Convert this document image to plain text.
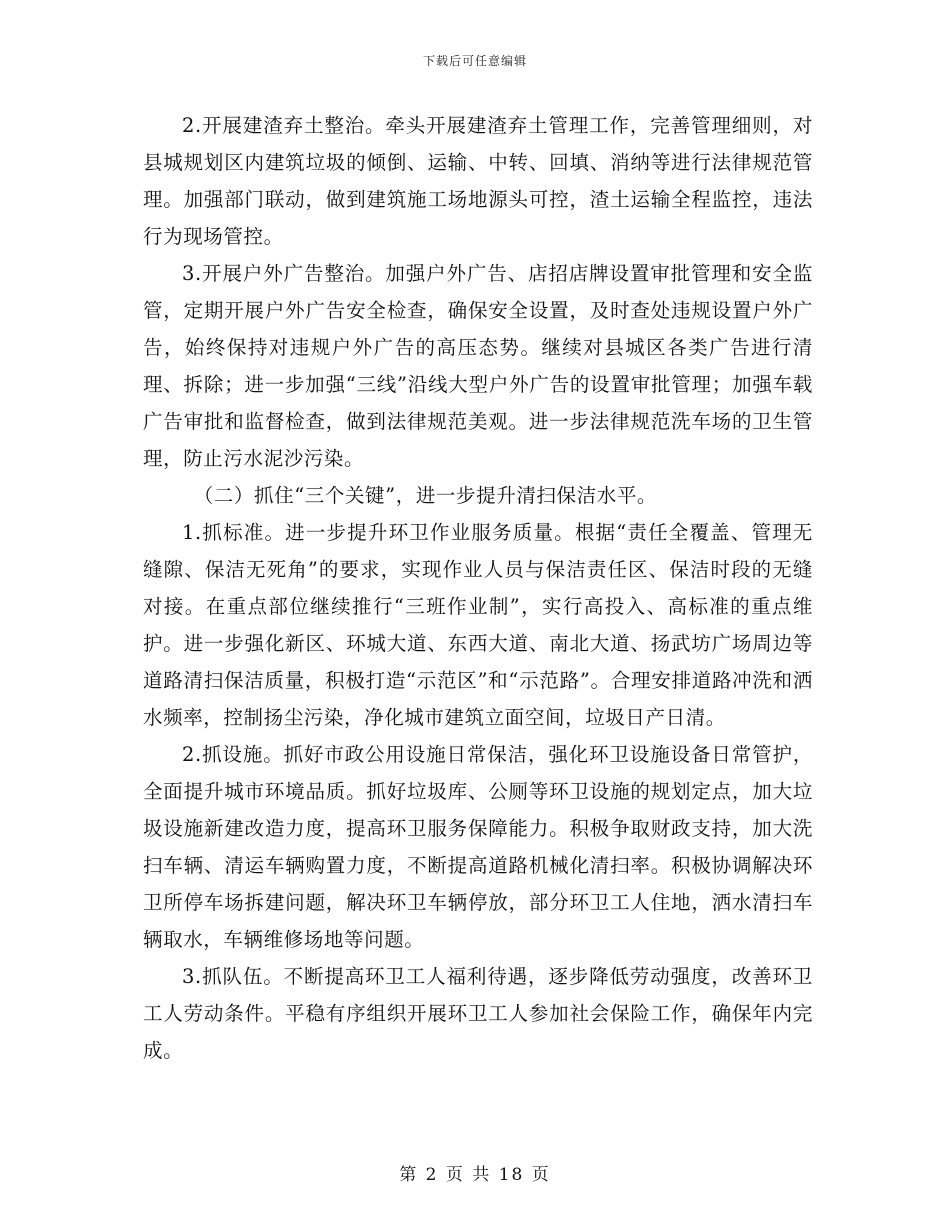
下载后可任意编辑

2.开展建渣弃土整治。牵头开展建渣弃土管理工作，完善管理细则，对县城规划区内建筑垃圾的倾倒、运输、中转、回填、消纳等进行法律规范管理。加强部门联动，做到建筑施工场地源头可控，渣土运输全程监控，违法行为现场管控。

3.开展户外广告整治。加强户外广告、店招店牌设置审批管理和安全监管，定期开展户外广告安全检查，确保安全设置，及时查处违规设置户外广告，始终保持对违规户外广告的高压态势。继续对县城区各类广告进行清理、拆除；进一步加强“三线”沿线大型户外广告的设置审批管理；加强车载广告审批和监督检查，做到法律规范美观。进一步法律规范洗车场的卫生管理，防止污水泥沙污染。

（二）抓住“三个关键”，进一步提升清扫保洁水平。

1.抓标准。进一步提升环卫作业服务质量。根据“责任全覆盖、管理无缝隙、保洁无死角”的要求，实现作业人员与保洁责任区、保洁时段的无缝对接。在重点部位继续推行“三班作业制”，实行高投入、高标准的重点维护。进一步强化新区、环城大道、东西大道、南北大道、扬武坊广场周边等道路清扫保洁质量，积极打造“示范区”和“示范路”。合理安排道路冲洗和洒水频率，控制扬尘污染，净化城市建筑立面空间，垃圾日产日清。

2.抓设施。抓好市政公用设施日常保洁，强化环卫设施设备日常管护，全面提升城市环境品质。抓好垃圾库、公厕等环卫设施的规划定点，加大垃圾设施新建改造力度，提高环卫服务保障能力。积极争取财政支持，加大洗扫车辆、清运车辆购置力度，不断提高道路机械化清扫率。积极协调解决环卫所停车场拆建问题，解决环卫车辆停放，部分环卫工人住地，洒水清扫车辆取水，车辆维修场地等问题。

3.抓队伍。不断提高环卫工人福利待遇，逐步降低劳动强度，改善环卫工人劳动条件。平稳有序组织开展环卫工人参加社会保险工作，确保年内完成。

第 2 页 共 18 页
